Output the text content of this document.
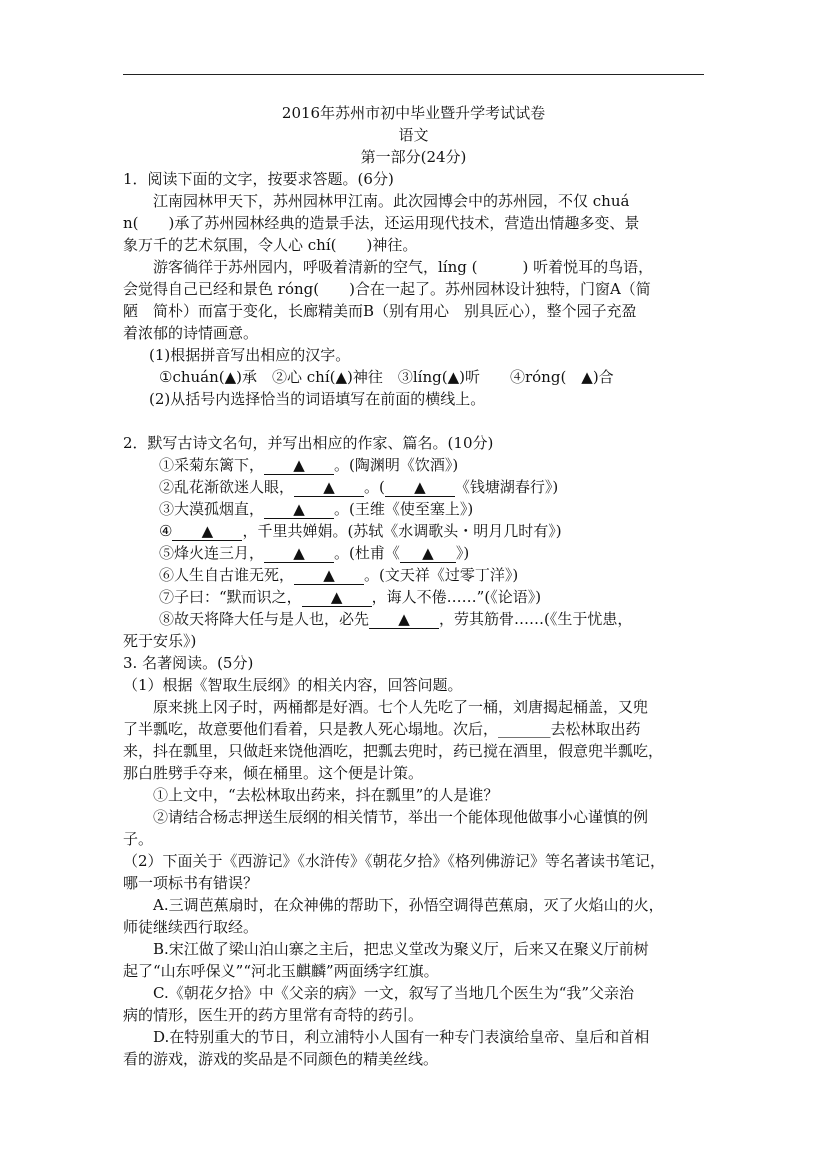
2016年苏州市初中毕业暨升学考试试卷
语文
第一部分(24分)
1．阅读下面的文字，按要求答题。(6分)
江南园林甲天下，苏州园林甲江南。此次园博会中的苏州园，不仅 chuá
n(　　)承了苏州园林经典的造景手法，还运用现代技术，营造出情趣多变、景
象万千的艺术氛围，令人心 chí(　　)神往。
游客徜徉于苏州园内，呼吸着清新的空气，líng (　　　) 听着悦耳的鸟语，
会觉得自己已经和景色 róng(　　)合在一起了。苏州园林设计独特，门窗A（简
陋　简朴）而富于变化，长廊精美而B（别有用心　别具匠心），整个园子充盈
着浓郁的诗情画意。
(1)根据拼音写出相应的汉字。
①chuán(▲)承　②心 chí(▲)神往　③líng(▲)听　　④róng(　▲)合
(2)从括号内选择恰当的词语填写在前面的横线上。
2．默写古诗文名句，并写出相应的作家、篇名。(10分)
①采菊东篱下， ▲ 。(陶渊明《饮酒》)
②乱花渐欲迷人眼， ▲ 。( ▲ 《钱塘湖春行》)
③大漠孤烟直， ▲ 。(王维《使至塞上》)
④ ▲ ，千里共婵娟。(苏轼《水调歌头・明月几时有》)
⑤烽火连三月， ▲ 。(杜甫《 ▲ 》)
⑥人生自古谁无死， ▲ 。(文天祥《过零丁洋》)
⑦子曰：“默而识之， ▲ ，诲人不倦……”(《论语》)
⑧故天将降大任与是人也，必先 ▲ ，劳其筋骨……(《生于忧患，
死于安乐》)
3. 名著阅读。(5分)
（1）根据《智取生辰纲》的相关内容，回答问题。
原来挑上冈子时，两桶都是好酒。七个人先吃了一桶，刘唐揭起桶盖，又兜
了半瓢吃，故意要他们看着，只是教人死心塌地。次后，_______去松林取出药
来，抖在瓢里，只做赶来饶他酒吃，把瓢去兜时，药已搅在酒里，假意兜半瓢吃，
那白胜劈手夺来，倾在桶里。这个便是计策。
①上文中，“去松林取出药来，抖在瓢里”的人是谁？
②请结合杨志押送生辰纲的相关情节，举出一个能体现他做事小心谨慎的例
子。
（2）下面关于《西游记》《水浒传》《朝花夕拾》《格列佛游记》等名著读书笔记，
哪一项标书有错误？
A.三调芭蕉扇时，在众神佛的帮助下，孙悟空调得芭蕉扇，灭了火焰山的火，
师徒继续西行取经。
B.宋江做了梁山泊山寨之主后，把忠义堂改为聚义厅，后来又在聚义厅前树
起了“山东呼保义”“河北玉麒麟”两面绣字红旗。
C.《朝花夕拾》中《父亲的病》一文，叙写了当地几个医生为“我”父亲治
病的情形，医生开的药方里常有奇特的药引。
D.在特别重大的节日，利立浦特小人国有一种专门表演给皇帝、皇后和首相
看的游戏，游戏的奖品是不同颜色的精美丝线。
